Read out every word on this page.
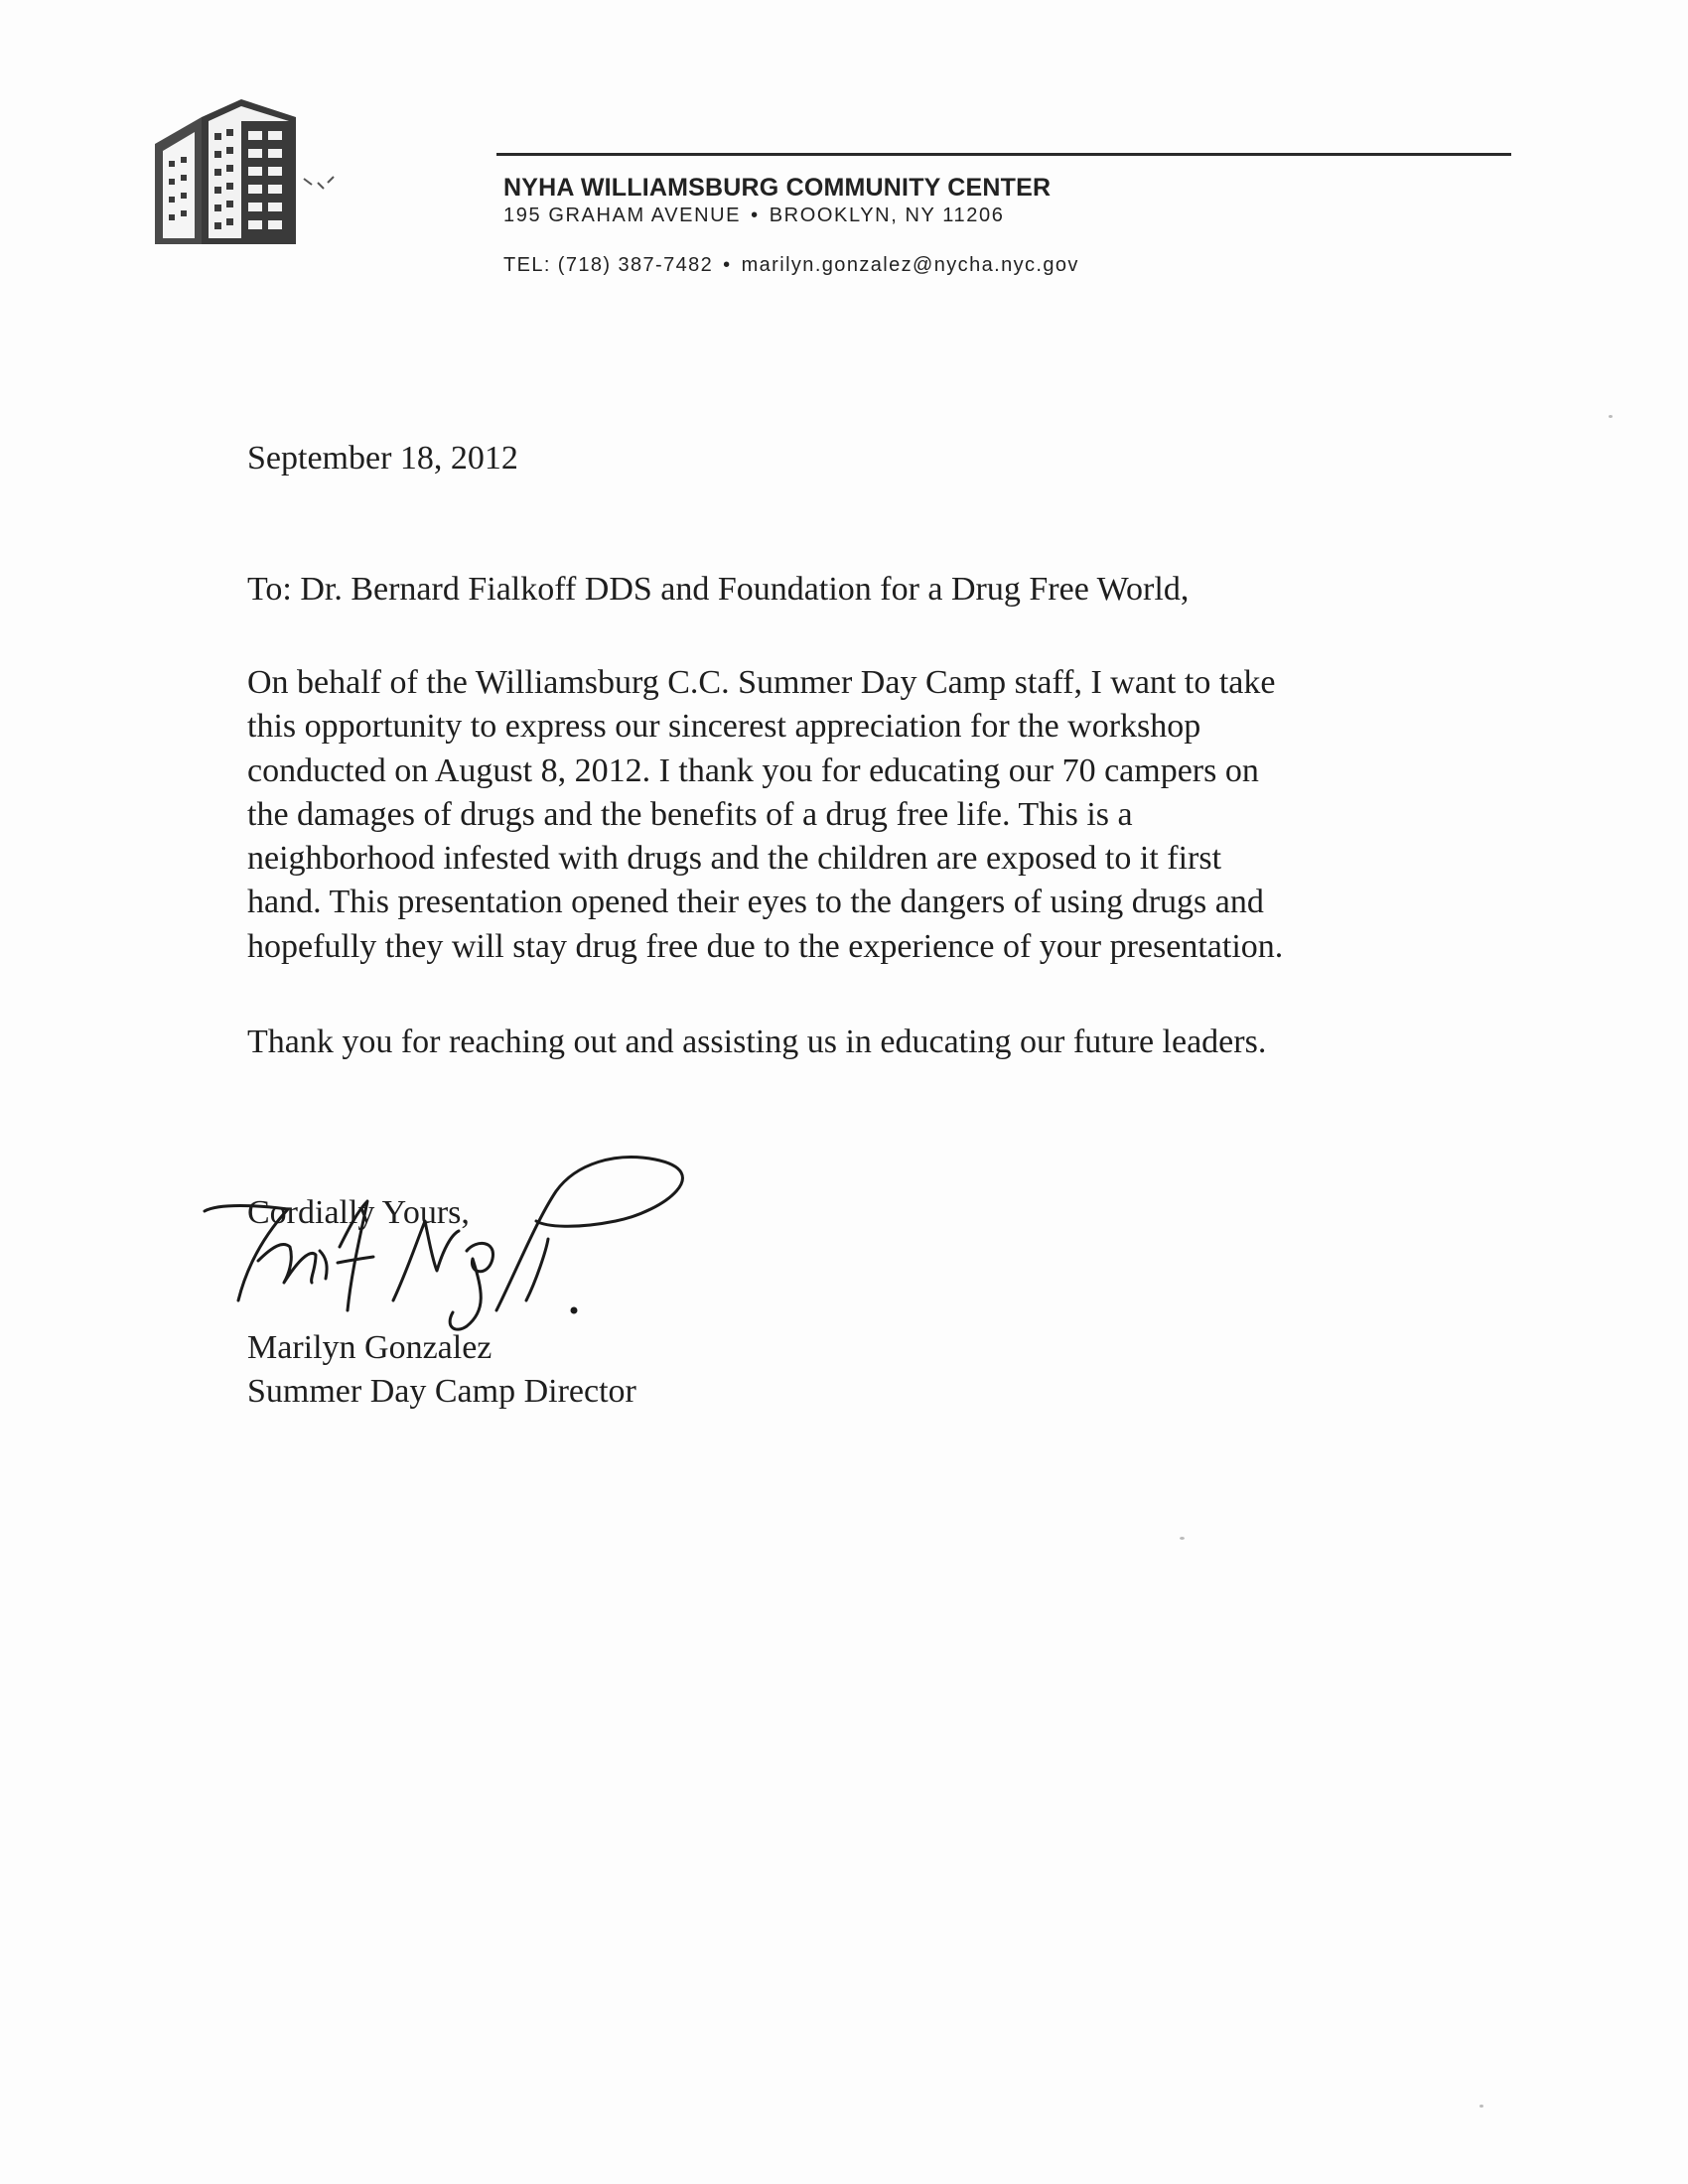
NYHA WILLIAMSBURG COMMUNITY CENTER
195 GRAHAM AVENUE • BROOKLYN, NY 11206
TEL: (718) 387-7482 • marilyn.gonzalez@nycha.nyc.gov
September 18, 2012
To: Dr. Bernard Fialkoff DDS and Foundation for a Drug Free World,
On behalf of the Williamsburg C.C. Summer Day Camp staff, I want to take
this opportunity to express our sincerest appreciation for the workshop
conducted on August 8, 2012. I thank you for educating our 70 campers on
the damages of drugs and the benefits of a drug free life. This is a
neighborhood infested with drugs and the children are exposed to it first
hand. This presentation opened their eyes to the dangers of using drugs and
hopefully they will stay drug free due to the experience of your presentation.
Thank you for reaching out and assisting us in educating our future leaders.
Cordially Yours,
Marilyn Gonzalez
Summer Day Camp Director
